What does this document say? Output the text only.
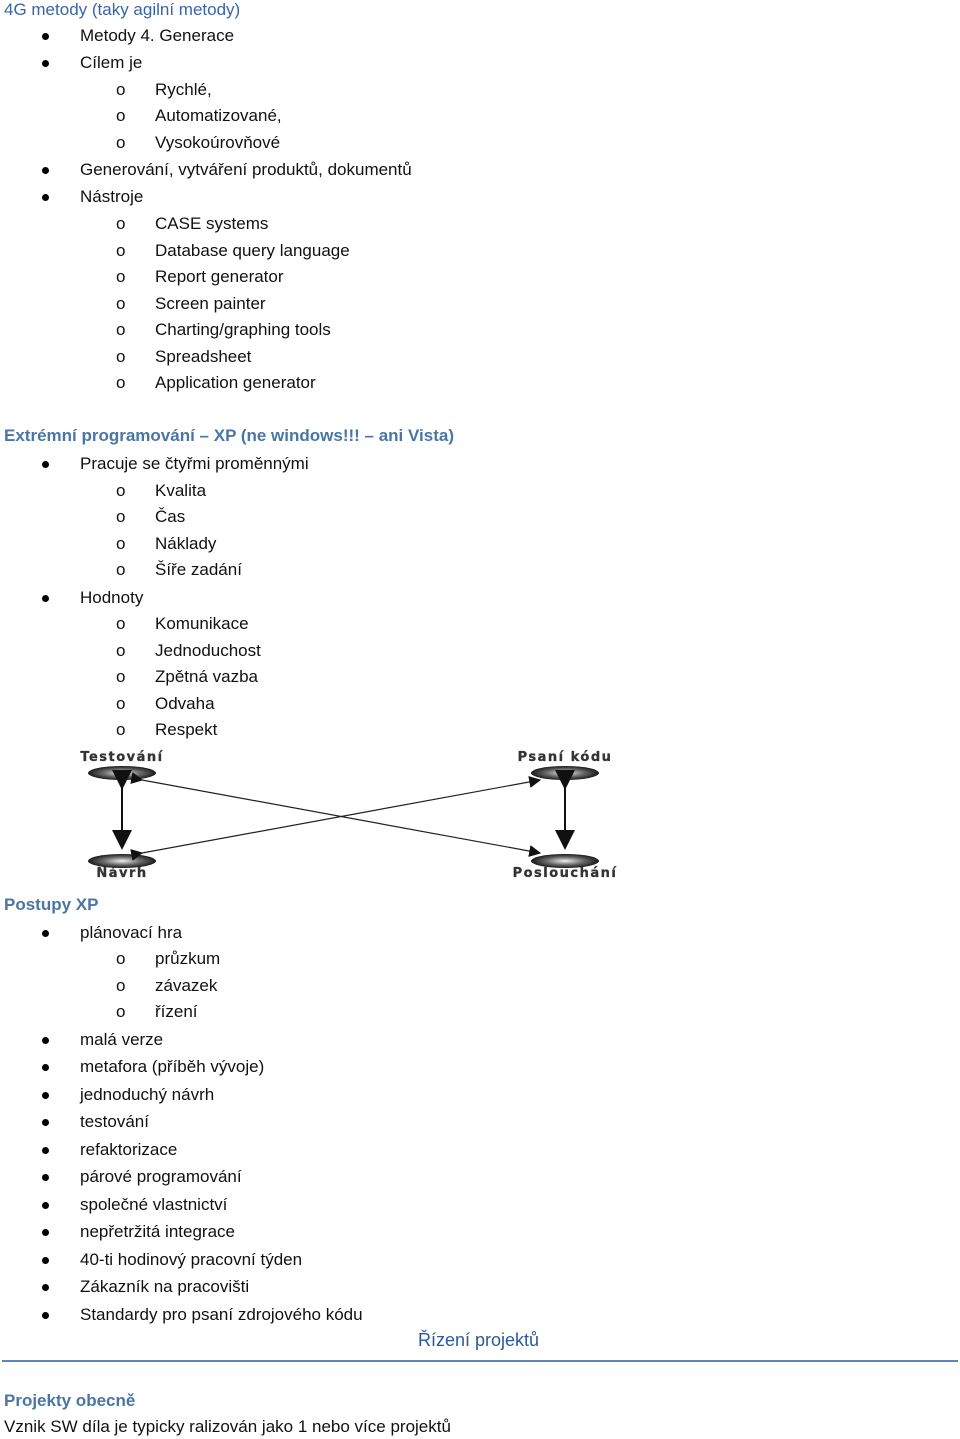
4G metody (taky agilní metody)
Metody 4. Generace
Cílem je
o Rychlé,
o Automatizované,
o Vysokoúrovňové
Generování, vytváření produktů, dokumentů
Nástroje
o CASE systems
o Database query language
o Report generator
o Screen painter
o Charting/graphing tools
o Spreadsheet
o Application generator
Extrémní programování – XP (ne windows!!! – ani Vista)
Pracuje se čtyřmi proměnnými
o Kvalita
o Čas
o Náklady
o Šíře zadání
Hodnoty
o Komunikace
o Jednoduchost
o Zpětná vazba
o Odvaha
o Respekt
Testování	Psaní kódu
Návrh	Poslouchání
Postupy XP
plánovací hra
o průzkum
o závazek
o řízení
malá verze
metafora (příběh vývoje)
jednoduchý návrh
testování
refaktorizace
párové programování
společné vlastnictví
nepřetržitá integrace
40-ti hodinový pracovní týden
Zákazník na pracovišti
Standardy pro psaní zdrojového kódu
Řízení projektů
Projekty obecně
Vznik SW díla je typicky ralizován jako 1 nebo více projektů
